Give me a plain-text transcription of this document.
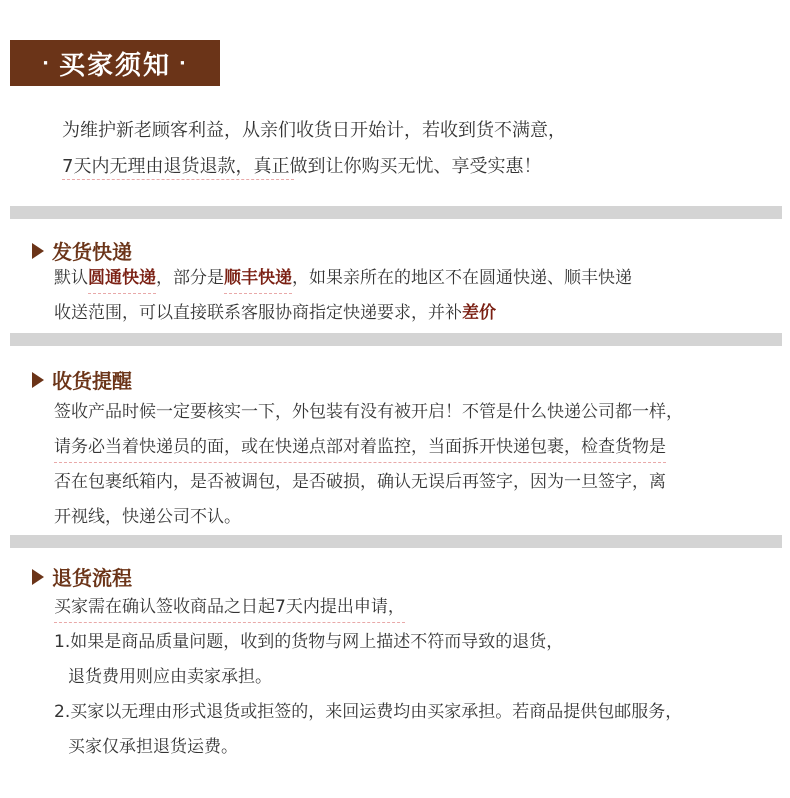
· 买家须知 ·

为维护新老顾客利益，从亲们收货日开始计，若收到货不满意，

7天内无理由退货退款，真正做到让你购买无忧、享受实惠！

发货快递

默认圆通快递，部分是顺丰快递，如果亲所在的地区不在圆通快递、顺丰快递

收送范围，可以直接联系客服协商指定快递要求，并补差价

收货提醒

签收产品时候一定要核实一下，外包装有没有被开启！不管是什么快递公司都一样，

请务必当着快递员的面，或在快递点部对着监控，当面拆开快递包裹，检查货物是

否在包裹纸箱内，是否被调包，是否破损，确认无误后再签字，因为一旦签字，离

开视线，快递公司不认。

退货流程

买家需在确认签收商品之日起7天内提出申请，

1.如果是商品质量问题，收到的货物与网上描述不符而导致的退货，

退货费用则应由卖家承担。

2.买家以无理由形式退货或拒签的，来回运费均由买家承担。若商品提供包邮服务，

买家仅承担退货运费。
